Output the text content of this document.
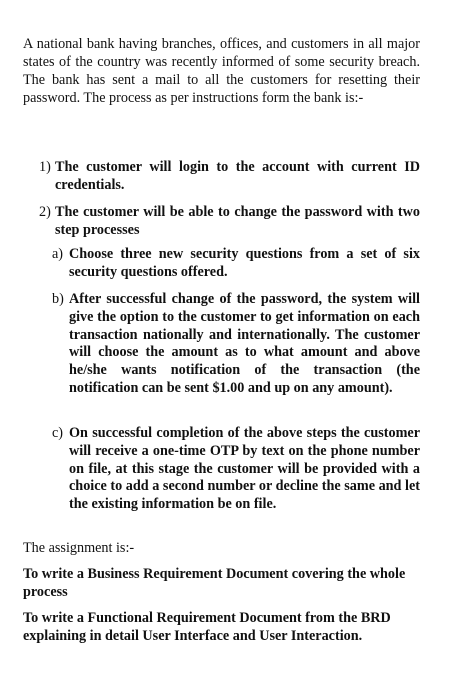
A national bank having branches, offices, and customers in all major states of the country was recently informed of some security breach. The bank has sent a mail to all the customers for resetting their password. The process as per instructions form the bank is:-

1) The customer will login to the account with current ID credentials.
2) The customer will be able to change the password with two step processes
a) Choose three new security questions from a set of six security questions offered.
b) After successful change of the password, the system will give the option to the customer to get information on each transaction nationally and internationally. The customer will choose the amount as to what amount and above he/she wants notification of the transaction (the notification can be sent $1.00 and up on any amount).
c) On successful completion of the above steps the customer will receive a one-time OTP by text on the phone number on file, at this stage the customer will be provided with a choice to add a second number or decline the same and let the existing information be on file.

The assignment is:-

To write a Business Requirement Document covering the whole process

To write a Functional Requirement Document from the BRD explaining in detail User Interface and User Interaction.
